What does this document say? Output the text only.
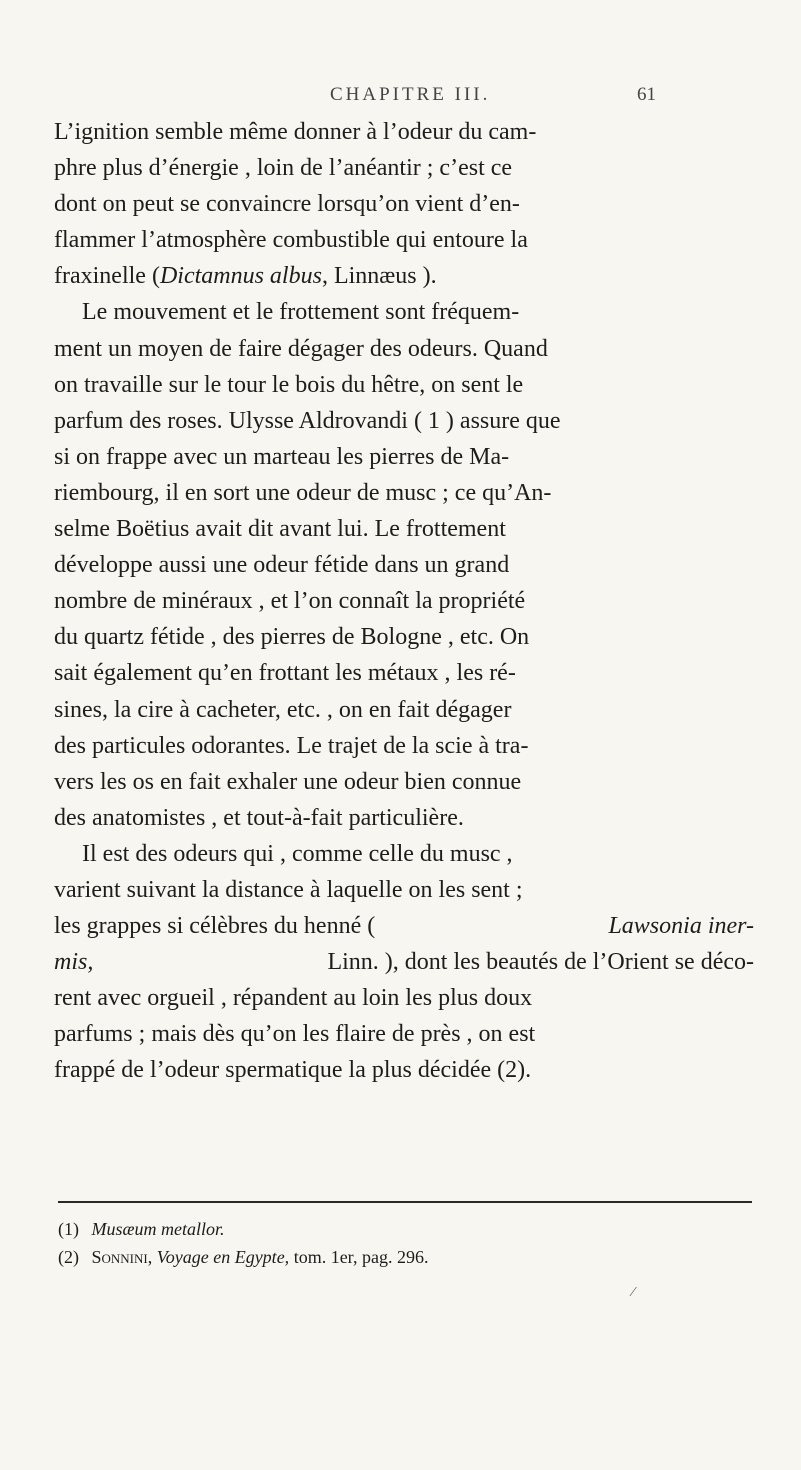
CHAPITRE III.	61
L’ignition semble même donner à l’odeur du cam-
phre plus d’énergie , loin de l’anéantir ; c’est ce
dont on peut se convaincre lorsqu’on vient d’en-
flammer l’atmosphère combustible qui entoure la
fraxinelle ( Dictamnus albus , Linnæus ).
Le mouvement et le frottement sont fréquem-
ment un moyen de faire dégager des odeurs. Quand
on travaille sur le tour le bois du hêtre, on sent le
parfum des roses. Ulysse Aldrovandi ( 1 ) assure que
si on frappe avec un marteau les pierres de Ma-
riembourg, il en sort une odeur de musc ; ce qu’An-
selme Boëtius avait dit avant lui. Le frottement
développe aussi une odeur fétide dans un grand
nombre de minéraux , et l’on connaît la propriété
du quartz fétide , des pierres de Bologne , etc. On
sait également qu’en frottant les métaux , les ré-
sines, la cire à cacheter, etc. , on en fait dégager
des particules odorantes. Le trajet de la scie à tra-
vers les os en fait exhaler une odeur bien connue
des anatomistes , et tout-à-fait particulière.
Il est des odeurs qui , comme celle du musc ,
varient suivant la distance à laquelle on les sent ;
les grappes si célèbres du henné (	Lawsonia iner-
mis,	Linn. ), dont les beautés de l’Orient se déco-
rent avec orgueil , répandent au loin les plus doux
parfums ; mais dès qu’on les flaire de près , on est
frappé de l’odeur spermatique la plus décidée (2).
(1) Musæum metallor.
(2) Sonnini, Voyage en Egypte, tom. 1er, pag. 296.
⁄
